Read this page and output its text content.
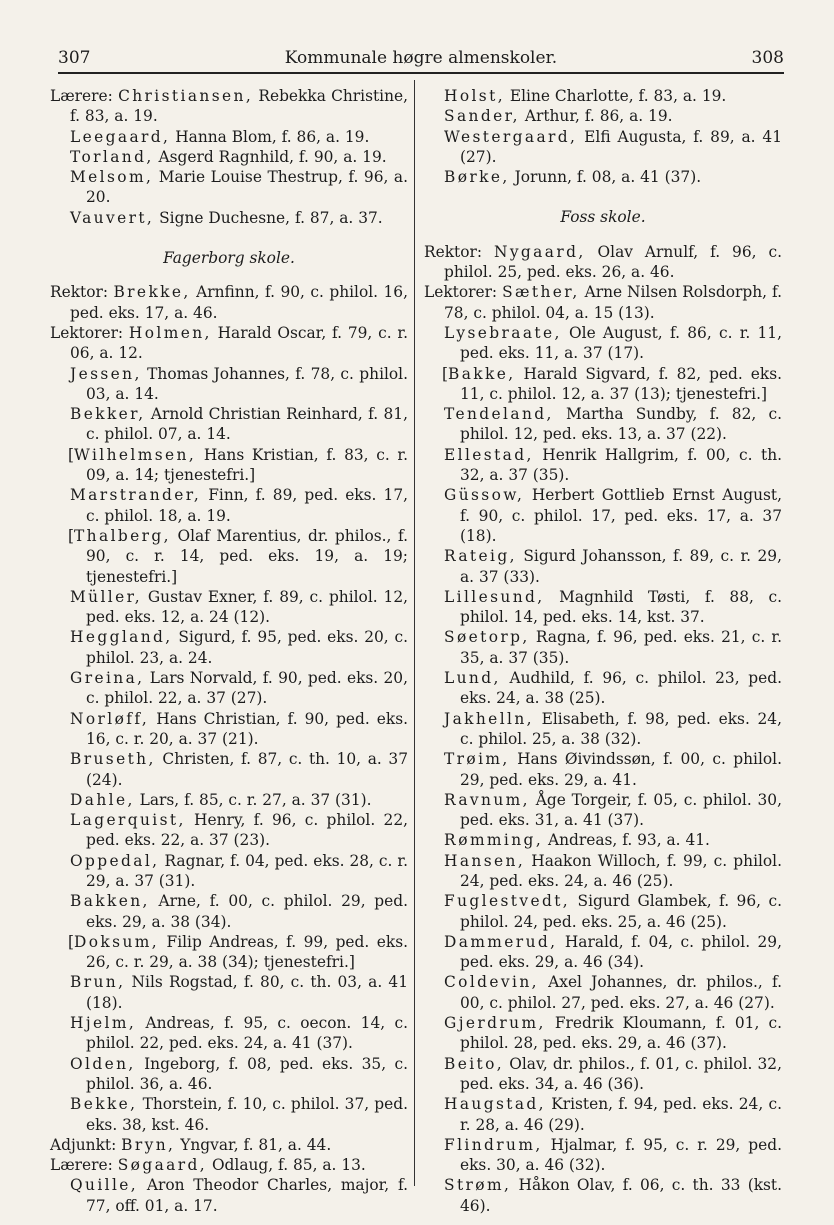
307	Kommunale høgre almenskoler.	308
Lærere: Christiansen, Rebekka Christine, f. 83, a. 19.
Leegaard, Hanna Blom, f. 86, a. 19.
Torland, Asgerd Ragnhild, f. 90, a. 19.
Melsom, Marie Louise Thestrup, f. 96, a. 20.
Vauvert, Signe Duchesne, f. 87, a. 37.
Fagerborg skole.
Rektor: Brekke, Arnfinn, f. 90, c. philol. 16, ped. eks. 17, a. 46.
Lektorer: Holmen, Harald Oscar, f. 79, c. r. 06, a. 12.
Jessen, Thomas Johannes, f. 78, c. philol. 03, a. 14.
Bekker, Arnold Christian Reinhard, f. 81, c. philol. 07, a. 14.
[Wilhelmsen, Hans Kristian, f. 83, c. r. 09, a. 14; tjenestefri.]
Marstrander, Finn, f. 89, ped. eks. 17, c. philol. 18, a. 19.
[Thalberg, Olaf Marentius, dr. philos., f. 90, c. r. 14, ped. eks. 19, a. 19; tjenestefri.]
Müller, Gustav Exner, f. 89, c. philol. 12, ped. eks. 12, a. 24 (12).
Heggland, Sigurd, f. 95, ped. eks. 20, c. philol. 23, a. 24.
Greina, Lars Norvald, f. 90, ped. eks. 20, c. philol. 22, a. 37 (27).
Norløff, Hans Christian, f. 90, ped. eks. 16, c. r. 20, a. 37 (21).
Bruseth, Christen, f. 87, c. th. 10, a. 37 (24).
Dahle, Lars, f. 85, c. r. 27, a. 37 (31).
Lagerquist, Henry, f. 96, c. philol. 22, ped. eks. 22, a. 37 (23).
Oppedal, Ragnar, f. 04, ped. eks. 28, c. r. 29, a. 37 (31).
Bakken, Arne, f. 00, c. philol. 29, ped. eks. 29, a. 38 (34).
[Doksum, Filip Andreas, f. 99, ped. eks. 26, c. r. 29, a. 38 (34); tjenestefri.]
Brun, Nils Rogstad, f. 80, c. th. 03, a. 41 (18).
Hjelm, Andreas, f. 95, c. oecon. 14, c. philol. 22, ped. eks. 24, a. 41 (37).
Olden, Ingeborg, f. 08, ped. eks. 35, c. philol. 36, a. 46.
Bekke, Thorstein, f. 10, c. philol. 37, ped. eks. 38, kst. 46.
Adjunkt: Bryn, Yngvar, f. 81, a. 44.
Lærere: Søgaard, Odlaug, f. 85, a. 13.
Quille, Aron Theodor Charles, major, f. 77, off. 01, a. 17.
Holst, Eline Charlotte, f. 83, a. 19.
Sander, Arthur, f. 86, a. 19.
Westergaard, Elfi Augusta, f. 89, a. 41 (27).
Børke, Jorunn, f. 08, a. 41 (37).
Foss skole.
Rektor: Nygaard, Olav Arnulf, f. 96, c. philol. 25, ped. eks. 26, a. 46.
Lektorer: Sæther, Arne Nilsen Rolsdorph, f. 78, c. philol. 04, a. 15 (13).
Lysebraate, Ole August, f. 86, c. r. 11, ped. eks. 11, a. 37 (17).
[Bakke, Harald Sigvard, f. 82, ped. eks. 11, c. philol. 12, a. 37 (13); tjenestefri.]
Tendeland, Martha Sundby, f. 82, c. philol. 12, ped. eks. 13, a. 37 (22).
Ellestad, Henrik Hallgrim, f. 00, c. th. 32, a. 37 (35).
Güssow, Herbert Gottlieb Ernst August, f. 90, c. philol. 17, ped. eks. 17, a. 37 (18).
Rateig, Sigurd Johansson, f. 89, c. r. 29, a. 37 (33).
Lillesund, Magnhild Tøsti, f. 88, c. philol. 14, ped. eks. 14, kst. 37.
Søetorp, Ragna, f. 96, ped. eks. 21, c. r. 35, a. 37 (35).
Lund, Audhild, f. 96, c. philol. 23, ped. eks. 24, a. 38 (25).
Jakhelln, Elisabeth, f. 98, ped. eks. 24, c. philol. 25, a. 38 (32).
Trøim, Hans Øivindssøn, f. 00, c. philol. 29, ped. eks. 29, a. 41.
Ravnum, Åge Torgeir, f. 05, c. philol. 30, ped. eks. 31, a. 41 (37).
Rømming, Andreas, f. 93, a. 41.
Hansen, Haakon Willoch, f. 99, c. philol. 24, ped. eks. 24, a. 46 (25).
Fuglestvedt, Sigurd Glambek, f. 96, c. philol. 24, ped. eks. 25, a. 46 (25).
Dammerud, Harald, f. 04, c. philol. 29, ped. eks. 29, a. 46 (34).
Coldevin, Axel Johannes, dr. philos., f. 00, c. philol. 27, ped. eks. 27, a. 46 (27).
Gjerdrum, Fredrik Kloumann, f. 01, c. philol. 28, ped. eks. 29, a. 46 (37).
Beito, Olav, dr. philos., f. 01, c. philol. 32, ped. eks. 34, a. 46 (36).
Haugstad, Kristen, f. 94, ped. eks. 24, c. r. 28, a. 46 (29).
Flindrum, Hjalmar, f. 95, c. r. 29, ped. eks. 30, a. 46 (32).
Strøm, Håkon Olav, f. 06, c. th. 33 (kst. 46).
